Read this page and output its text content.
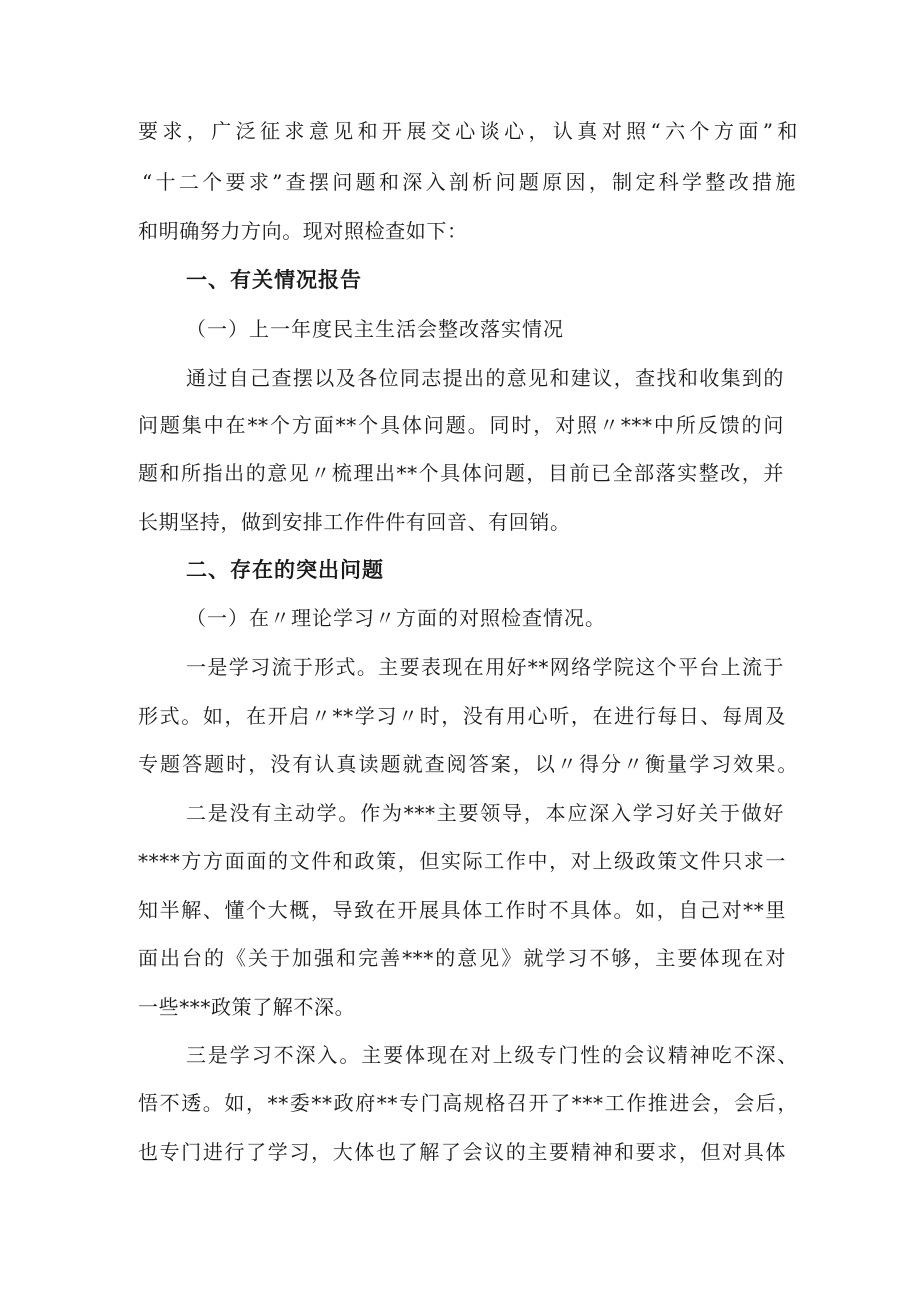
要求，广泛征求意见和开展交心谈心，认真对照“六个方面”和
“十二个要求”查摆问题和深入剖析问题原因，制定科学整改措施
和明确努力方向。现对照检查如下：
一、有关情况报告
（一）上一年度民主生活会整改落实情况
通过自己查摆以及各位同志提出的意见和建议，查找和收集到的
问题集中在**个方面**个具体问题。同时，对照〃***中所反馈的问
题和所指出的意见〃梳理出**个具体问题，目前已全部落实整改，并
长期坚持，做到安排工作件件有回音、有回销。
二、存在的突出问题
（一）在〃理论学习〃方面的对照检查情况。
一是学习流于形式。主要表现在用好**网络学院这个平台上流于
形式。如，在开启〃**学习〃时，没有用心听，在进行每日、每周及
专题答题时，没有认真读题就查阅答案，以〃得分〃衡量学习效果。
二是没有主动学。作为***主要领导，本应深入学习好关于做好
****方方面面的文件和政策，但实际工作中，对上级政策文件只求一
知半解、懂个大概，导致在开展具体工作时不具体。如，自己对**里
面出台的《关于加强和完善***的意见》就学习不够，主要体现在对
一些***政策了解不深。
三是学习不深入。主要体现在对上级专门性的会议精神吃不深、
悟不透。如，**委**政府**专门高规格召开了***工作推进会，会后，
也专门进行了学习，大体也了解了会议的主要精神和要求，但对具体
